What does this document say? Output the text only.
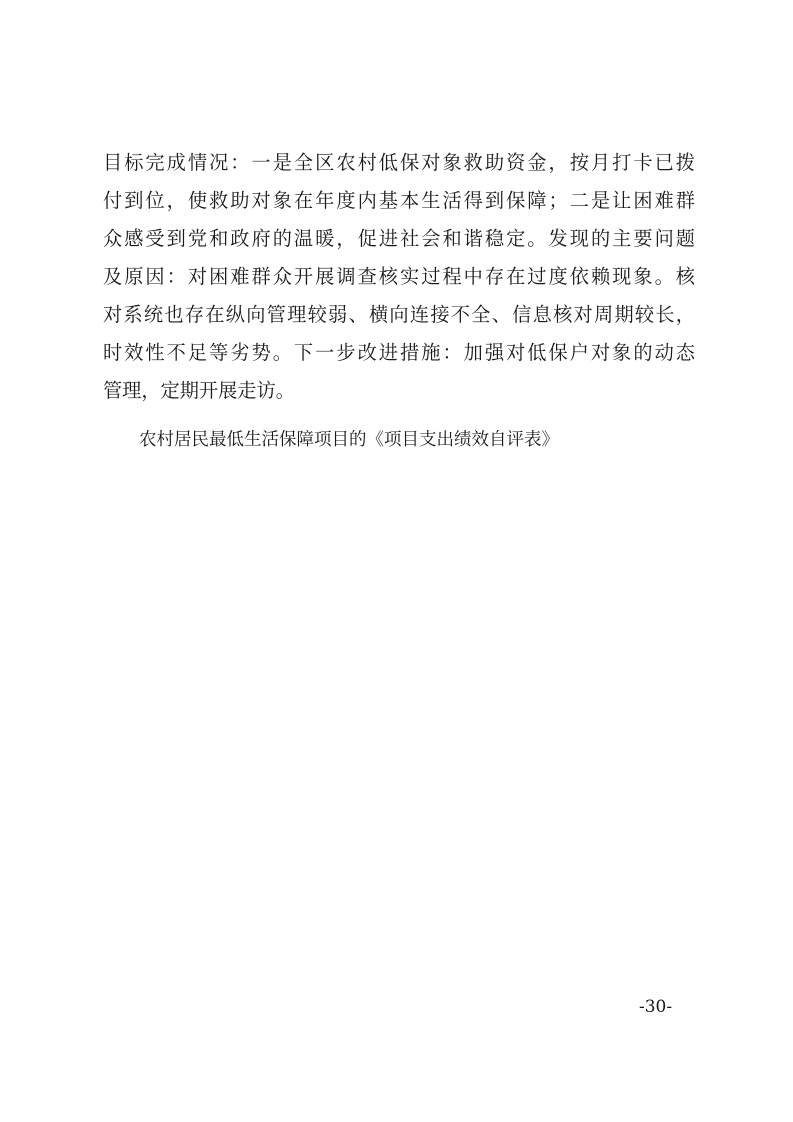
目标完成情况：一是全区农村低保对象救助资金，按月打卡已拨
付到位，使救助对象在年度内基本生活得到保障；二是让困难群
众感受到党和政府的温暖，促进社会和谐稳定。发现的主要问题
及原因：对困难群众开展调查核实过程中存在过度依赖现象。核
对系统也存在纵向管理较弱、横向连接不全、信息核对周期较长，
时效性不足等劣势。下一步改进措施：加强对低保户对象的动态
管理，定期开展走访。

农村居民最低生活保障项目的《项目支出绩效自评表》

-30-
